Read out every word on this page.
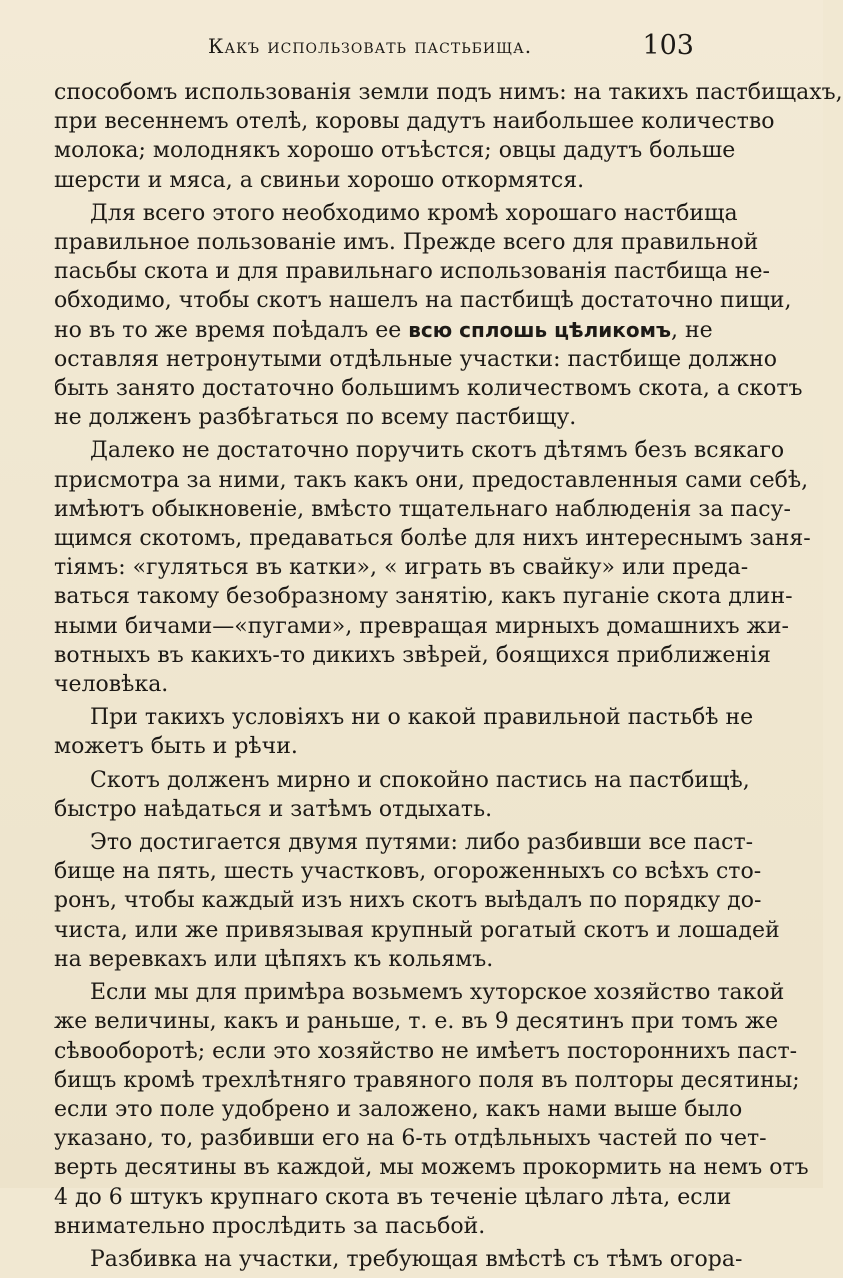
Какъ использовать пастьбища.	103
способомъ использованія земли подъ нимъ: на такихъ пастбищахъ,
при весеннемъ отелѣ, коровы дадутъ наибольшее количество
молока; молоднякъ хорошо отъѣстся; овцы дадутъ больше
шерсти и мяса, а свиньи хорошо откормятся.
Для всего этого необходимо кромѣ хорошаго настбища
правильное пользованіе имъ. Прежде всего для правильной
пасьбы скота и для правильнаго использованія пастбища не-
обходимо, чтобы скотъ нашелъ на пастбищѣ достаточно пищи,
но въ то же время поѣдалъ ее всю сплошь цѣликомъ, не
оставляя нетронутыми отдѣльные участки: пастбище должно
быть занято достаточно большимъ количествомъ скота, а скотъ
не долженъ разбѣгаться по всему пастбищу.
Далеко не достаточно поручить скотъ дѣтямъ безъ всякаго
присмотра за ними, такъ какъ они, предоставленныя сами себѣ,
имѣютъ обыкновеніе, вмѣсто тщательнаго наблюденія за пасу-
щимся скотомъ, предаваться болѣе для нихъ интереснымъ заня-
тіямъ: «гуляться въ катки», « играть въ свайку» или преда-
ваться такому безобразному занятію, какъ пуганіе скота длин-
ными бичами—«пугами», превращая мирныхъ домашнихъ жи-
вотныхъ въ какихъ-то дикихъ звѣрей, боящихся приближенія
человѣка.
При такихъ условіяхъ ни о какой правильной пастьбѣ не
можетъ быть и рѣчи.
Скотъ долженъ мирно и спокойно пастись на пастбищѣ,
быстро наѣдаться и затѣмъ отдыхать.
Это достигается двумя путями: либо разбивши все паст-
бище на пять, шесть участковъ, огороженныхъ со всѣхъ сто-
ронъ, чтобы каждый изъ нихъ скотъ выѣдалъ по порядку до-
чиста, или же привязывая крупный рогатый скотъ и лошадей
на веревкахъ или цѣпяхъ къ кольямъ.
Если мы для примѣра возьмемъ хуторское хозяйство такой
же величины, какъ и раньше, т. е. въ 9 десятинъ при томъ же
сѣвооборотѣ; если это хозяйство не имѣетъ постороннихъ паст-
бищъ кромѣ трехлѣтняго травяного поля въ полторы десятины;
если это поле удобрено и заложено, какъ нами выше было
указано, то, разбивши его на 6-ть отдѣльныхъ частей по чет-
верть десятины въ каждой, мы можемъ прокормить на немъ отъ
4 до 6 штукъ крупнаго скота въ теченіе цѣлаго лѣта, если
внимательно прослѣдить за пасьбой.
Разбивка на участки, требующая вмѣстѣ съ тѣмъ огора-
